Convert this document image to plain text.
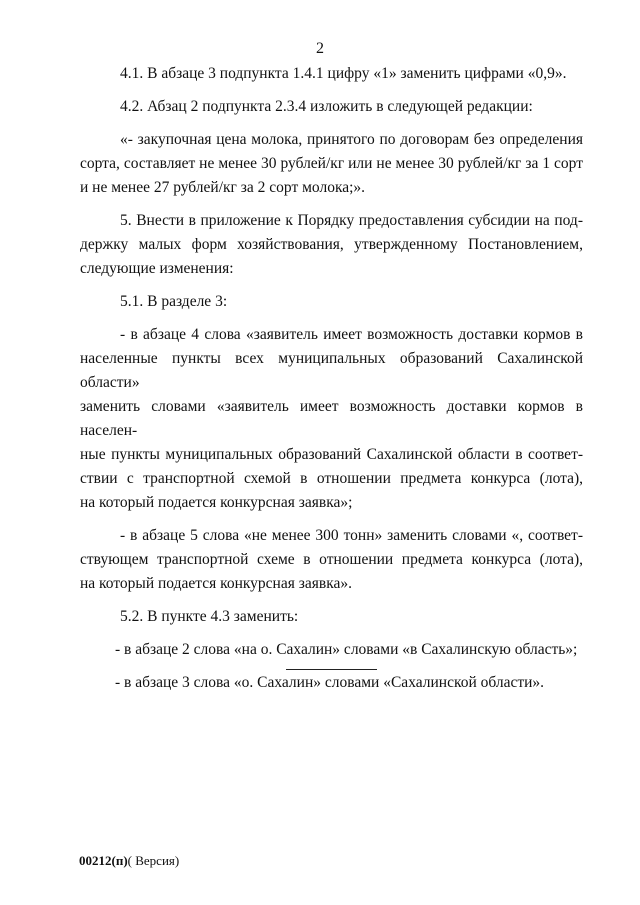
2
4.1. В абзаце 3 подпункта 1.4.1 цифру «1» заменить цифрами «0,9».
4.2. Абзац 2 подпункта 2.3.4 изложить в следующей редакции:
«- закупочная цена молока, принятого по договорам без определения
сорта, составляет не менее 30 рублей/кг или не менее 30 рублей/кг за 1 сорт
и не менее 27 рублей/кг за 2 сорт молока;».
5. Внести в приложение к Порядку предоставления субсидии на под-
держку малых форм хозяйствования, утвержденному Постановлением,
следующие изменения:
5.1. В разделе 3:
- в абзаце 4 слова «заявитель имеет возможность доставки кормов в
населенные пункты всех муниципальных образований Сахалинской области»
заменить словами «заявитель имеет возможность доставки кормов в населен-
ные пункты муниципальных образований Сахалинской области в соответ-
ствии с транспортной схемой в отношении предмета конкурса (лота),
на который подается конкурсная заявка»;
- в абзаце 5 слова «не менее 300 тонн» заменить словами «, соответ-
ствующем транспортной схеме в отношении предмета конкурса (лота),
на который подается конкурсная заявка».
5.2. В пункте 4.3 заменить:
- в абзаце 2 слова «на о. Сахалин» словами «в Сахалинскую область»;
- в абзаце 3 слова «о. Сахалин» словами «Сахалинской области».
00212(п)( Версия)
